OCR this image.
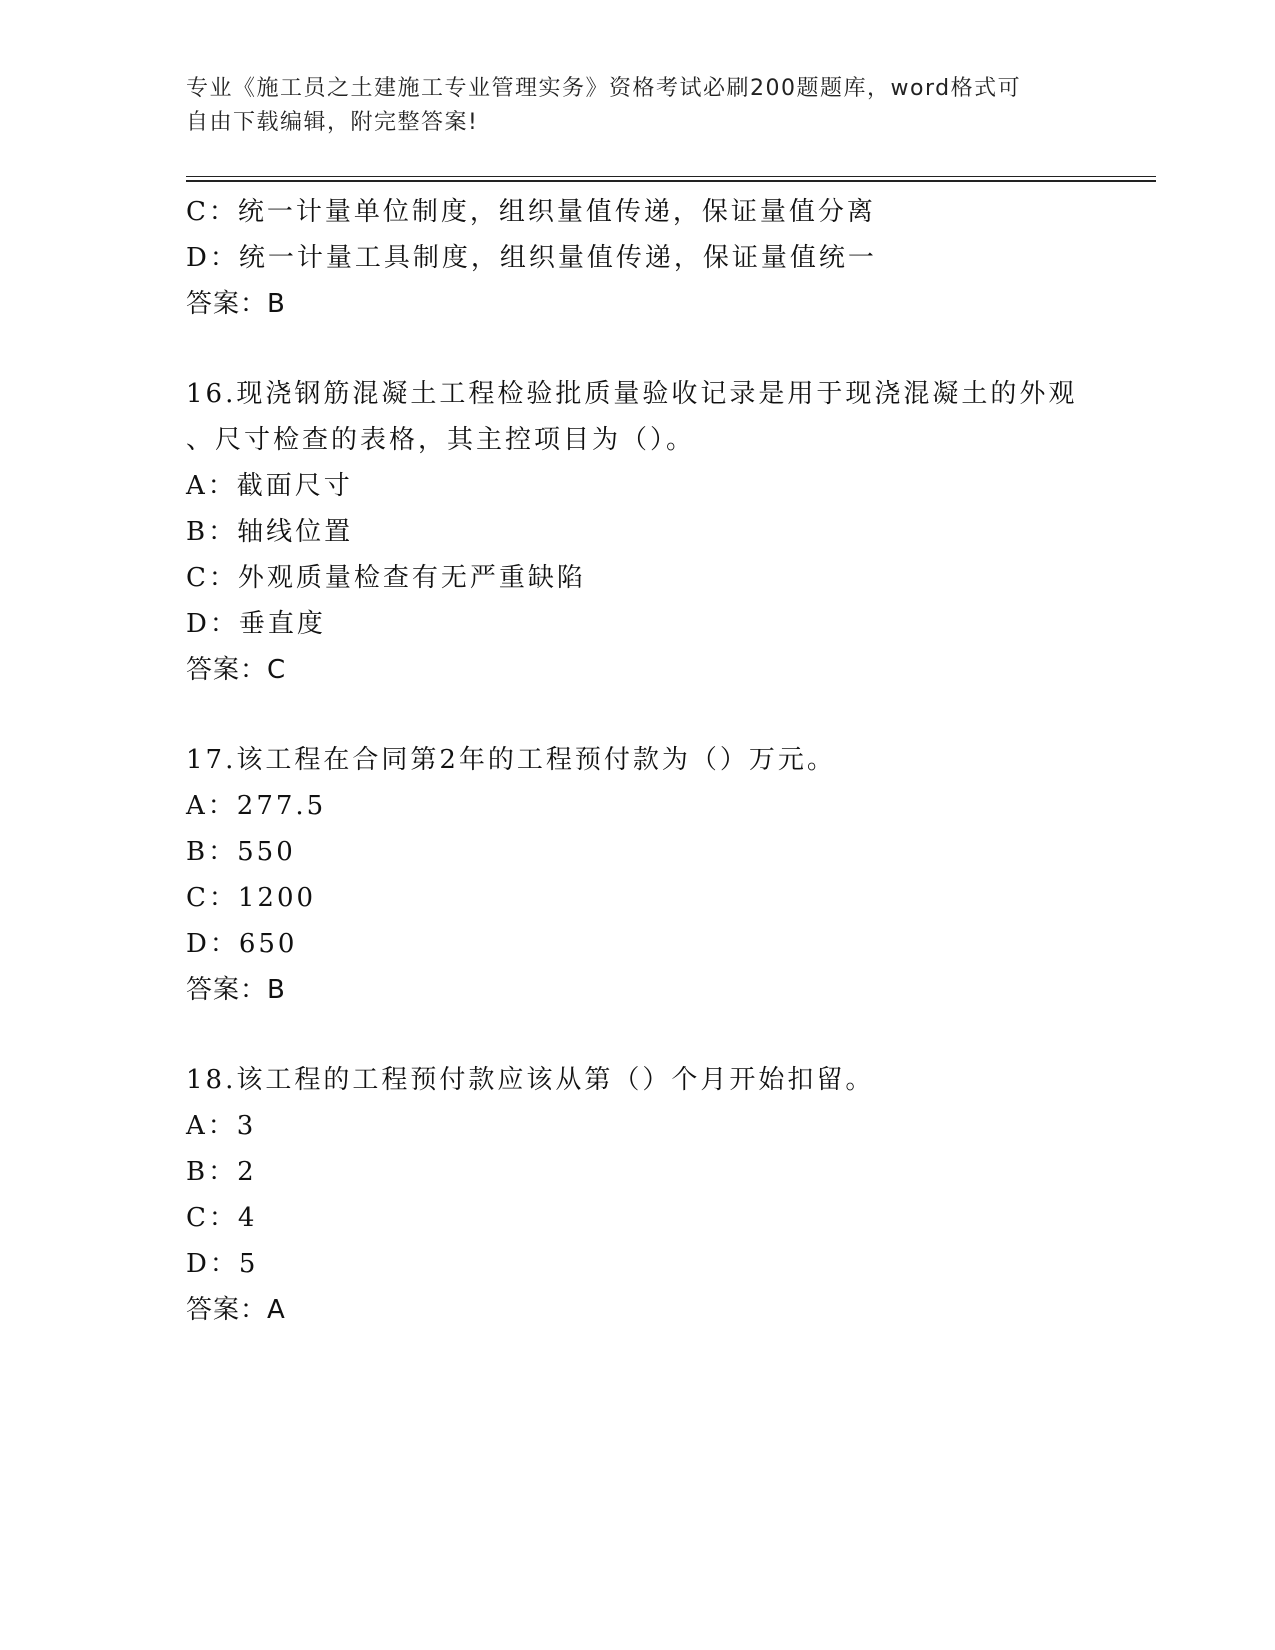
专业《施工员之土建施工专业管理实务》资格考试必刷200题题库，word格式可
自由下载编辑，附完整答案!
C：统一计量单位制度，组织量值传递，保证量值分离
D：统一计量工具制度，组织量值传递，保证量值统一
答案：B
16.现浇钢筋混凝土工程检验批质量验收记录是用于现浇混凝土的外观
、尺寸检查的表格，其主控项目为（）。
A：截面尺寸
B：轴线位置
C：外观质量检查有无严重缺陷
D：垂直度
答案：C
17.该工程在合同第2年的工程预付款为（）万元。
A：277.5
B：550
C：1200
D：650
答案：B
18.该工程的工程预付款应该从第（）个月开始扣留。
A：3
B：2
C：4
D：5
答案：A
